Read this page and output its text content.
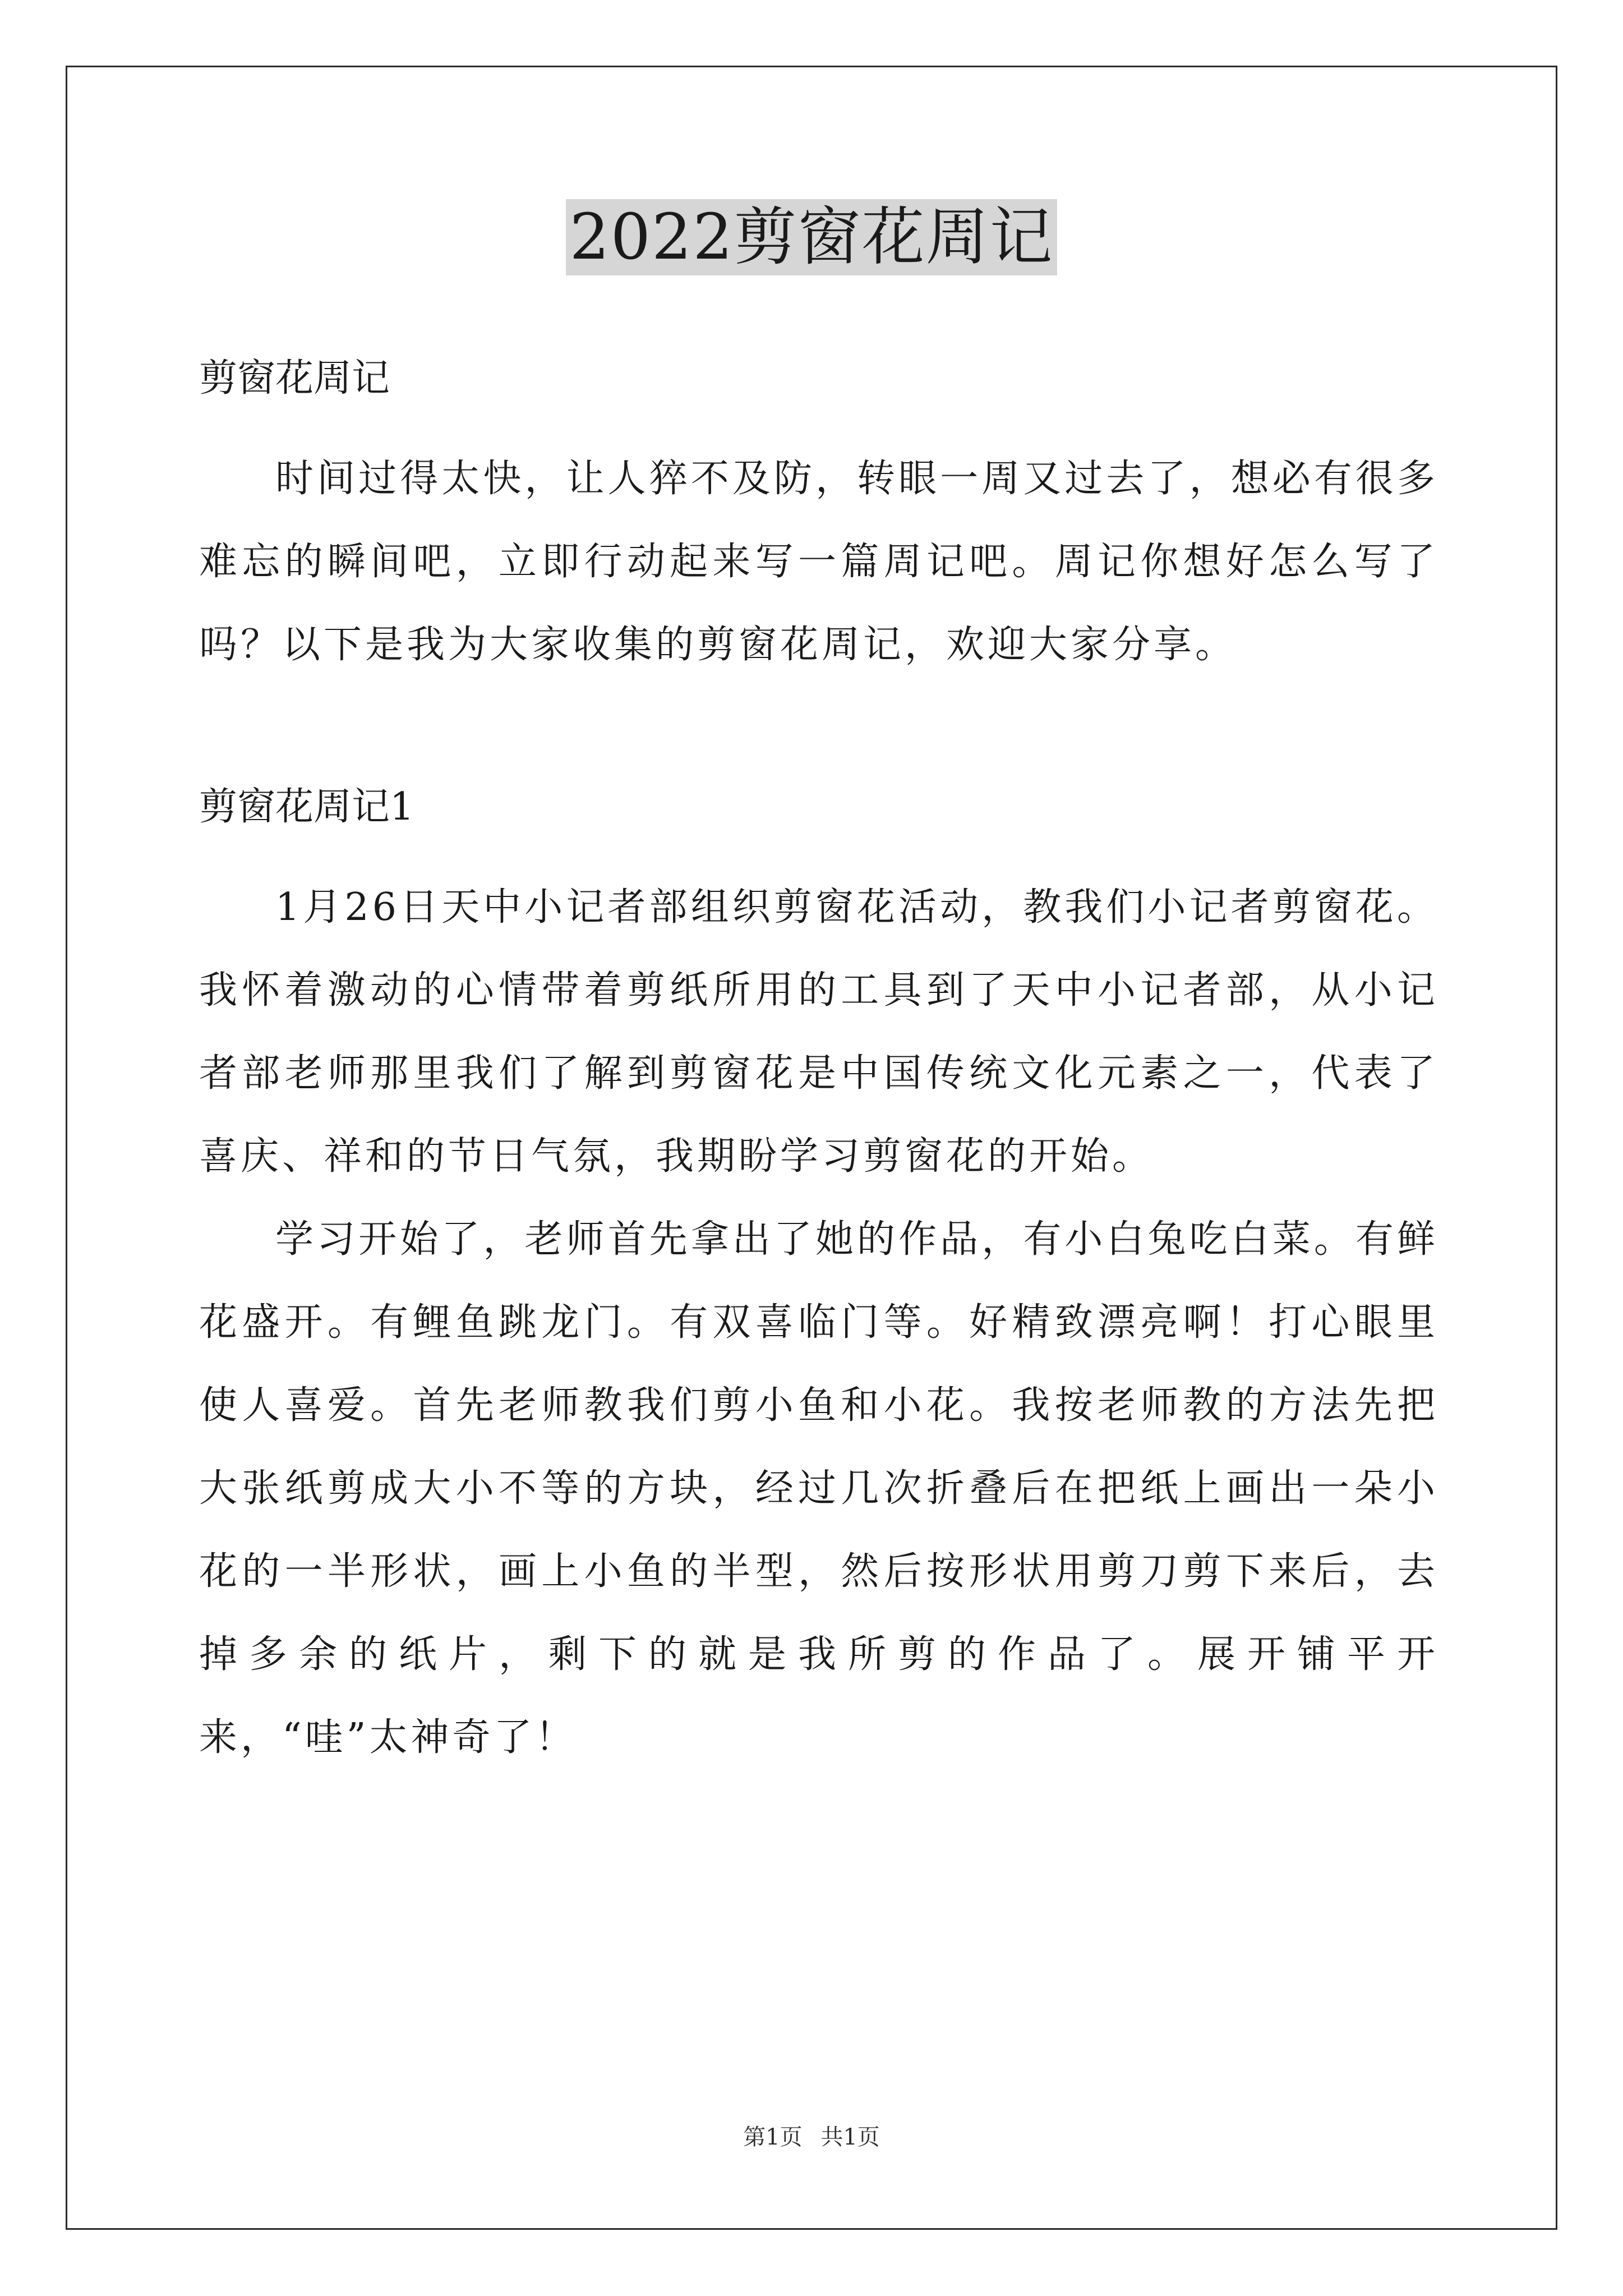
2022剪窗花周记

剪窗花周记

时间过得太快，让人猝不及防，转眼一周又过去了，想必有很多难忘的瞬间吧，立即行动起来写一篇周记吧。周记你想好怎么写了吗？以下是我为大家收集的剪窗花周记，欢迎大家分享。

剪窗花周记1

1月26日天中小记者部组织剪窗花活动，教我们小记者剪窗花。我怀着激动的心情带着剪纸所用的工具到了天中小记者部，从小记者部老师那里我们了解到剪窗花是中国传统文化元素之一，代表了喜庆、祥和的节日气氛，我期盼学习剪窗花的开始。

学习开始了，老师首先拿出了她的作品，有小白兔吃白菜。有鲜花盛开。有鲤鱼跳龙门。有双喜临门等。好精致漂亮啊！打心眼里使人喜爱。首先老师教我们剪小鱼和小花。我按老师教的方法先把大张纸剪成大小不等的方块，经过几次折叠后在把纸上画出一朵小花的一半形状，画上小鱼的半型，然后按形状用剪刀剪下来后，去掉多余的纸片，剩下的就是我所剪的作品了。展开铺平开来，“哇”太神奇了！

第1页 共1页
